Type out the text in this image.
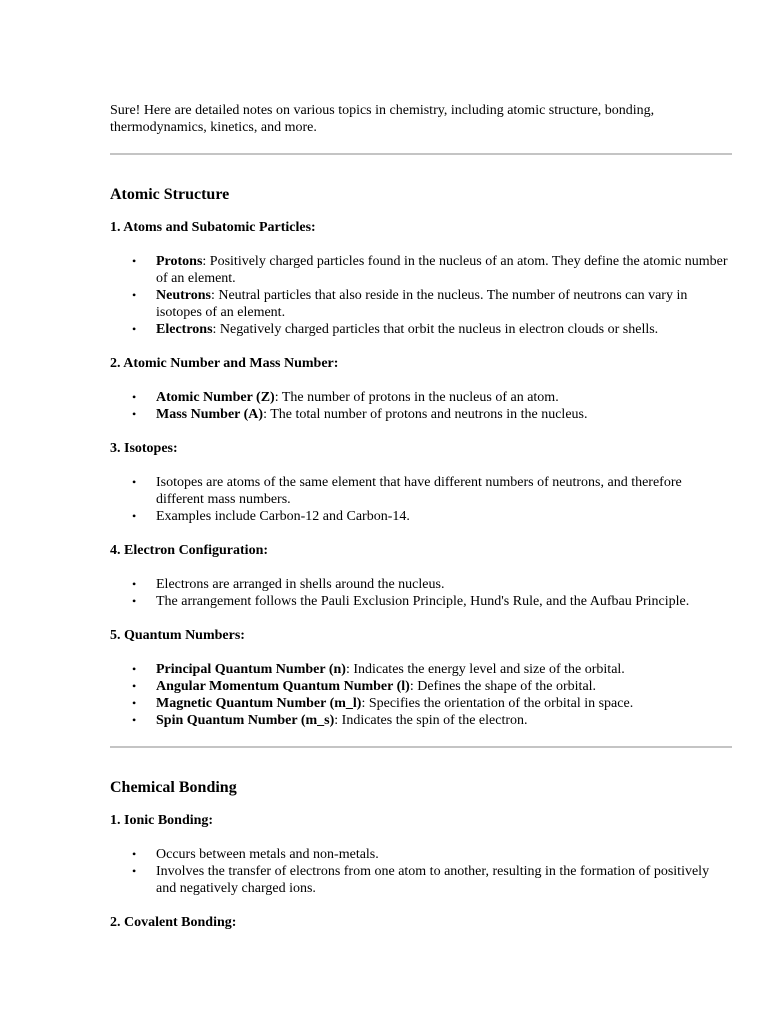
Sure! Here are detailed notes on various topics in chemistry, including atomic structure, bonding, thermodynamics, kinetics, and more.

Atomic Structure
1. Atoms and Subatomic Particles:
• Protons: Positively charged particles found in the nucleus of an atom. They define the atomic number of an element.
• Neutrons: Neutral particles that also reside in the nucleus. The number of neutrons can vary in isotopes of an element.
• Electrons: Negatively charged particles that orbit the nucleus in electron clouds or shells.
2. Atomic Number and Mass Number:
• Atomic Number (Z): The number of protons in the nucleus of an atom.
• Mass Number (A): The total number of protons and neutrons in the nucleus.
3. Isotopes:
• Isotopes are atoms of the same element that have different numbers of neutrons, and therefore different mass numbers.
• Examples include Carbon-12 and Carbon-14.
4. Electron Configuration:
• Electrons are arranged in shells around the nucleus.
• The arrangement follows the Pauli Exclusion Principle, Hund's Rule, and the Aufbau Principle.
5. Quantum Numbers:
• Principal Quantum Number (n): Indicates the energy level and size of the orbital.
• Angular Momentum Quantum Number (l): Defines the shape of the orbital.
• Magnetic Quantum Number (m_l): Specifies the orientation of the orbital in space.
• Spin Quantum Number (m_s): Indicates the spin of the electron.
Chemical Bonding
1. Ionic Bonding:
• Occurs between metals and non-metals.
• Involves the transfer of electrons from one atom to another, resulting in the formation of positively and negatively charged ions.
2. Covalent Bonding:
